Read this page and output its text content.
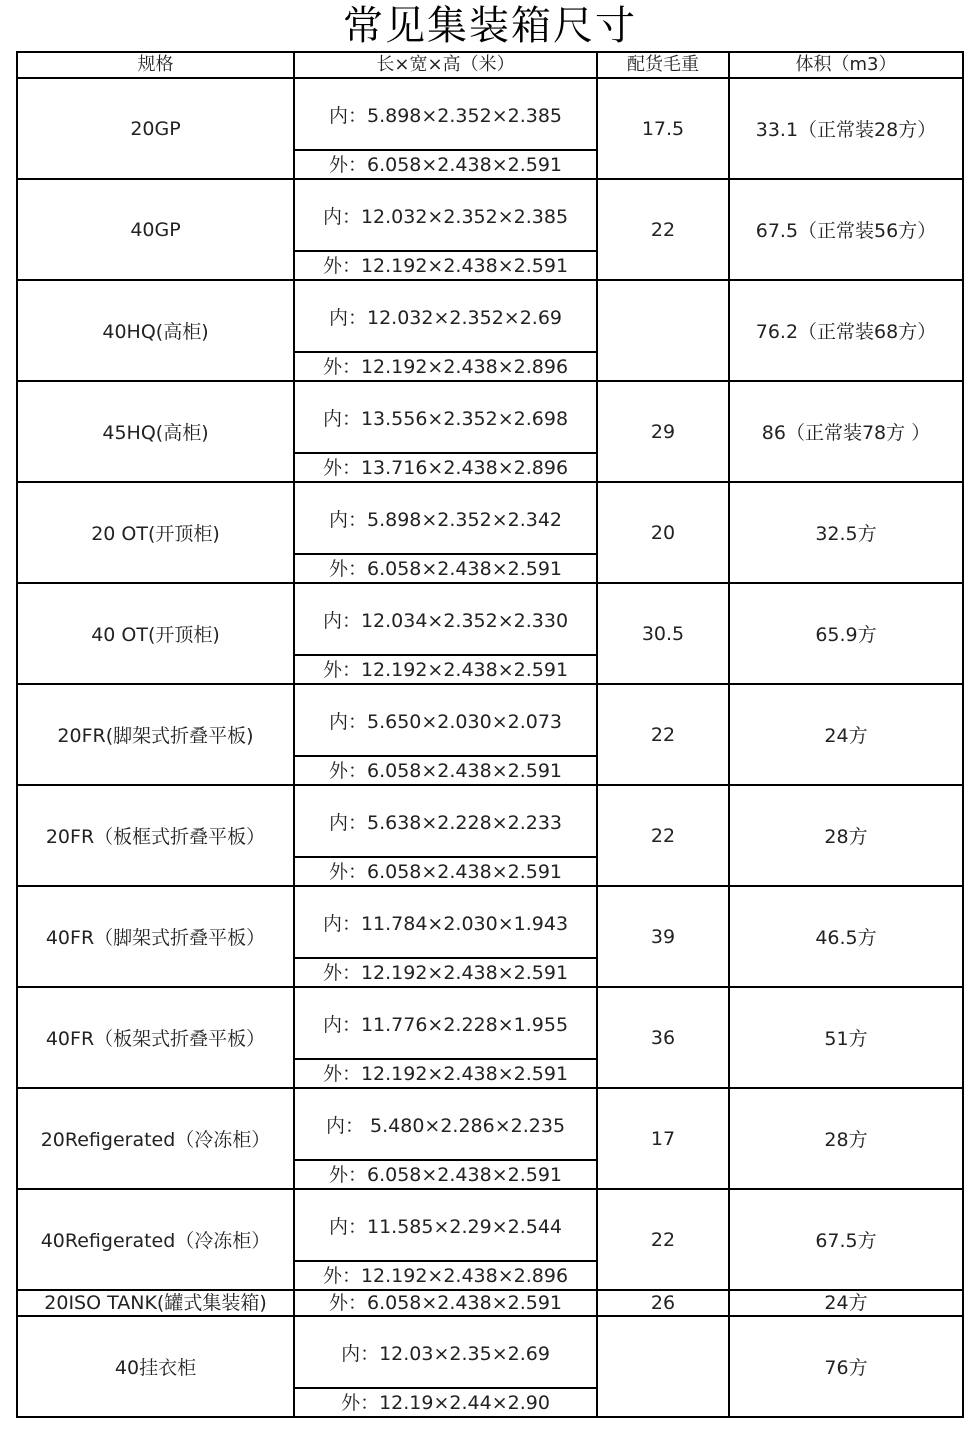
常见集装箱尺寸
规格	长×宽×高（米）	配货毛重	体积（m3）
20GP	内：5.898×2.352×2.385	17.5	33.1（正常装28方）
	外：6.058×2.438×2.591		
40GP	内：12.032×2.352×2.385	22	67.5（正常装56方）
	外：12.192×2.438×2.591		
40HQ(高柜)	内：12.032×2.352×2.69		76.2（正常装68方）
	外：12.192×2.438×2.896		
45HQ(高柜)	内：13.556×2.352×2.698	29	86（正常装78方 ）
	外：13.716×2.438×2.896		
20 OT(开顶柜)	内：5.898×2.352×2.342	20	32.5方
	外：6.058×2.438×2.591		
40 OT(开顶柜)	内：12.034×2.352×2.330	30.5	65.9方
	外：12.192×2.438×2.591		
20FR(脚架式折叠平板)	内：5.650×2.030×2.073	22	24方
	外：6.058×2.438×2.591		
20FR（板框式折叠平板）	内：5.638×2.228×2.233	22	28方
	外：6.058×2.438×2.591		
40FR（脚架式折叠平板）	内：11.784×2.030×1.943	39	46.5方
	外：12.192×2.438×2.591		
40FR（板架式折叠平板）	内：11.776×2.228×1.955	36	51方
	外：12.192×2.438×2.591		
20Refigerated（冷冻柜）	内： 5.480×2.286×2.235	17	28方
	外：6.058×2.438×2.591		
40Refigerated（冷冻柜）	内：11.585×2.29×2.544	22	67.5方
	外：12.192×2.438×2.896		
20ISO TANK(罐式集装箱)	外：6.058×2.438×2.591	26	24方
40挂衣柜	内：12.03×2.35×2.69		76方
	外：12.19×2.44×2.90		
